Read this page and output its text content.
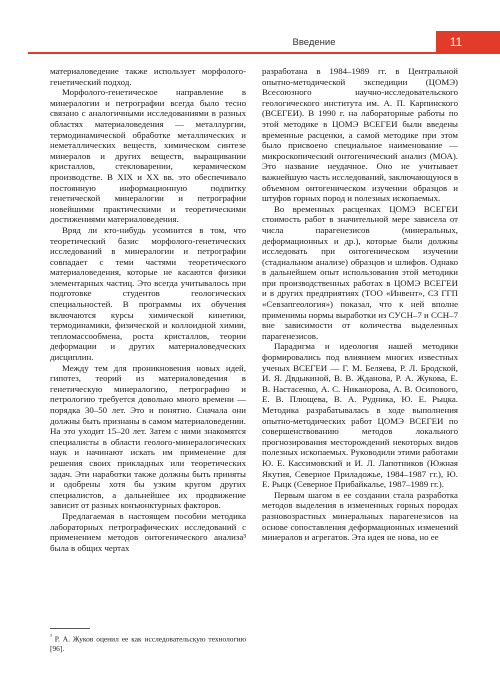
Введение	11

материаловедение также использует морфолого-генетический подход.

Морфолого-генетическое направление в минералогии и петрографии всегда было тесно связано с аналогичными исследованиями в разных областях материаловедения — металлургии, термодинамической обработке металлических и неметаллических веществ, химическом синтезе минералов и других веществ, выращивании кристаллов, стекловарении, керамическом производстве. В XIX и XX вв. это обеспечивало постоянную информационную подпитку генетической минералогии и петрографии новейшими практическими и теоретическими достижениями материаловедения.

Вряд ли кто-нибудь усомнится в том, что теоретический базис морфолого-генетических исследований в минералогии и петрографии совпадает с теми частями теоретического материаловедения, которые не касаются физики элементарных частиц. Это всегда учитывалось при подготовке студентов геологических специальностей. В программы их обучения включаются курсы химической кинетики, термодинамики, физической и коллоидной химии, тепломассообмена, роста кристаллов, теории деформации и других материаловедческих дисциплин.

Между тем для проникновения новых идей, гипотез, теорий из материаловедения в генетическую минералогию, петрографию и петрологию требуется довольно много времени — порядка 30–50 лет. Это и понятно. Сначала они должны быть признаны в самом материаловедении. На это уходит 15–20 лет. Затем с ними знакомятся специалисты в области геолого-минералогических наук и начинают искать им применение для решения своих прикладных или теоретических задач. Эти наработки также должны быть приняты и одобрены хотя бы узким кругом других специалистов, а дальнейшее их продвижение зависит от разных конъюнктурных факторов.

Предлагаемая в настоящем пособии методика лабораторных петрографических исследований с применением методов онтогенического анализа³ была в общих чертах

разработана в 1984–1989 гг. в Центральной опытно-методической экспедиции (ЦОМЭ) Всесоюзного научно-исследовательского геологического института им. А. П. Карпинского (ВСЕГЕИ). В 1990 г. на лабораторные работы по этой методике в ЦОМЭ ВСЕГЕИ были введены временные расценки, а самой методике при этом было присвоено специальное наименование — микроскопический онтогенический анализ (МОА). Это название неудачное. Оно не учитывает важнейшую часть исследований, заключающуюся в объемном онтогеническом изучении образцов и штуфов горных пород и полезных ископаемых.

Во временных расценках ЦОМЭ ВСЕГЕИ стоимость работ в значительной мере зависела от числа парагенезисов (минеральных, деформационных и др.), которые были должны исследовать при онтогеническом изучении (стадиальном анализе) образцов и шлифов. Однако в дальнейшем опыт использования этой методики при производственных работах в ЦОМЭ ВСЕГЕИ и в других предприятиях (ТОО «Инвент», СЗ ГГП «Севзапгеология») показал, что к ней вполне применимы нормы выработки из СУСН–7 и ССН–7 вне зависимости от количества выделенных парагенезисов.

Парадигма и идеология нашей методики формировались под влиянием многих известных ученых ВСЕГЕИ — Г. М. Беляева, Р. Л. Бродской, И. Я. Двдыкиной, В. В. Жданова, Р. А. Жукова, Е. В. Настасенко, А. С. Никанорова, А. В. Осипового, Е. В. Плющева, В. А. Рудника, Ю. Е. Рыцка. Методика разрабатывалась в ходе выполнения опытно-методических работ ЦОМЭ ВСЕГЕИ по совершенствованию методов локального прогнозирования месторождений некоторых видов полезных ископаемых. Руководили этими работами Ю. Е. Кассимовский и И. Л. Лапотников (Южная Якутия, Северное Приладожье, 1984–1987 гг.), Ю. Е. Рыцк (Северное Прибайкалье, 1987–1989 гг.).

Первым шагом в ее создании стала разработка методов выделения в измененных горных породах разновозрастных минеральных парагенезисов на основе сопоставления деформационных изменений минералов и агрегатов. Эта идея не нова, но ее

$^{^3}$ Р. А. Жуков оценил ее как исследовательскую технологию [96].
